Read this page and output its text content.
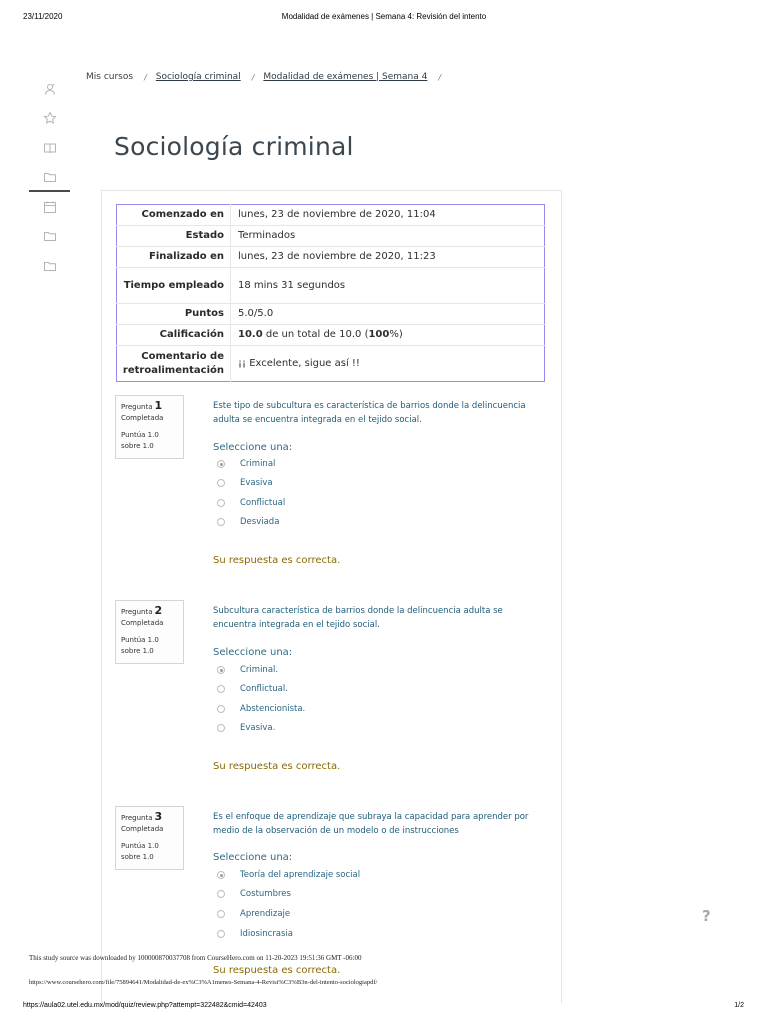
23/11/2020	Modalidad de exámenes | Semana 4: Revisión del intento
Mis cursos / Sociología criminal / Modalidad de exámenes | Semana 4 /
Sociología criminal
Comenzado en	lunes, 23 de noviembre de 2020, 11:04
Estado	Terminados
Finalizado en	lunes, 23 de noviembre de 2020, 11:23
Tiempo empleado	18 mins 31 segundos
Puntos	5.0/5.0
Calificación	10.0 de un total de 10.0 (100%)
Comentario de retroalimentación	¡¡ Excelente, sigue así !!
Pregunta 1
Completada
Puntúa 1.0 sobre 1.0
Este tipo de subcultura es característica de barrios donde la delincuencia adulta se encuentra integrada en el tejido social.
Seleccione una:
Criminal
Evasiva
Conflictual
Desviada
Su respuesta es correcta.
Pregunta 2
Completada
Puntúa 1.0 sobre 1.0
Subcultura característica de barrios donde la delincuencia adulta se encuentra integrada en el tejido social.
Seleccione una:
Criminal.
Conflictual.
Abstencionista.
Evasiva.
Su respuesta es correcta.
Pregunta 3
Completada
Puntúa 1.0 sobre 1.0
Es el enfoque de aprendizaje que subraya la capacidad para aprender por medio de la observación de un modelo o de instrucciones
Seleccione una:
Teoría del aprendizaje social
Costumbres
Aprendizaje
Idiosincrasia
Su respuesta es correcta.
?
This study source was downloaded by 100000870037708 from CourseHero.com on 11-20-2023 19:51:36 GMT -06:00
https://www.coursehero.com/file/75894641/Modalidad-de-ex%C3%A1menes-Semana-4-Revisi%C3%B3n-del-intento-sociologiapdf/
https://aula02.utel.edu.mx/mod/quiz/review.php?attempt=322482&cmid=42403	1/2
